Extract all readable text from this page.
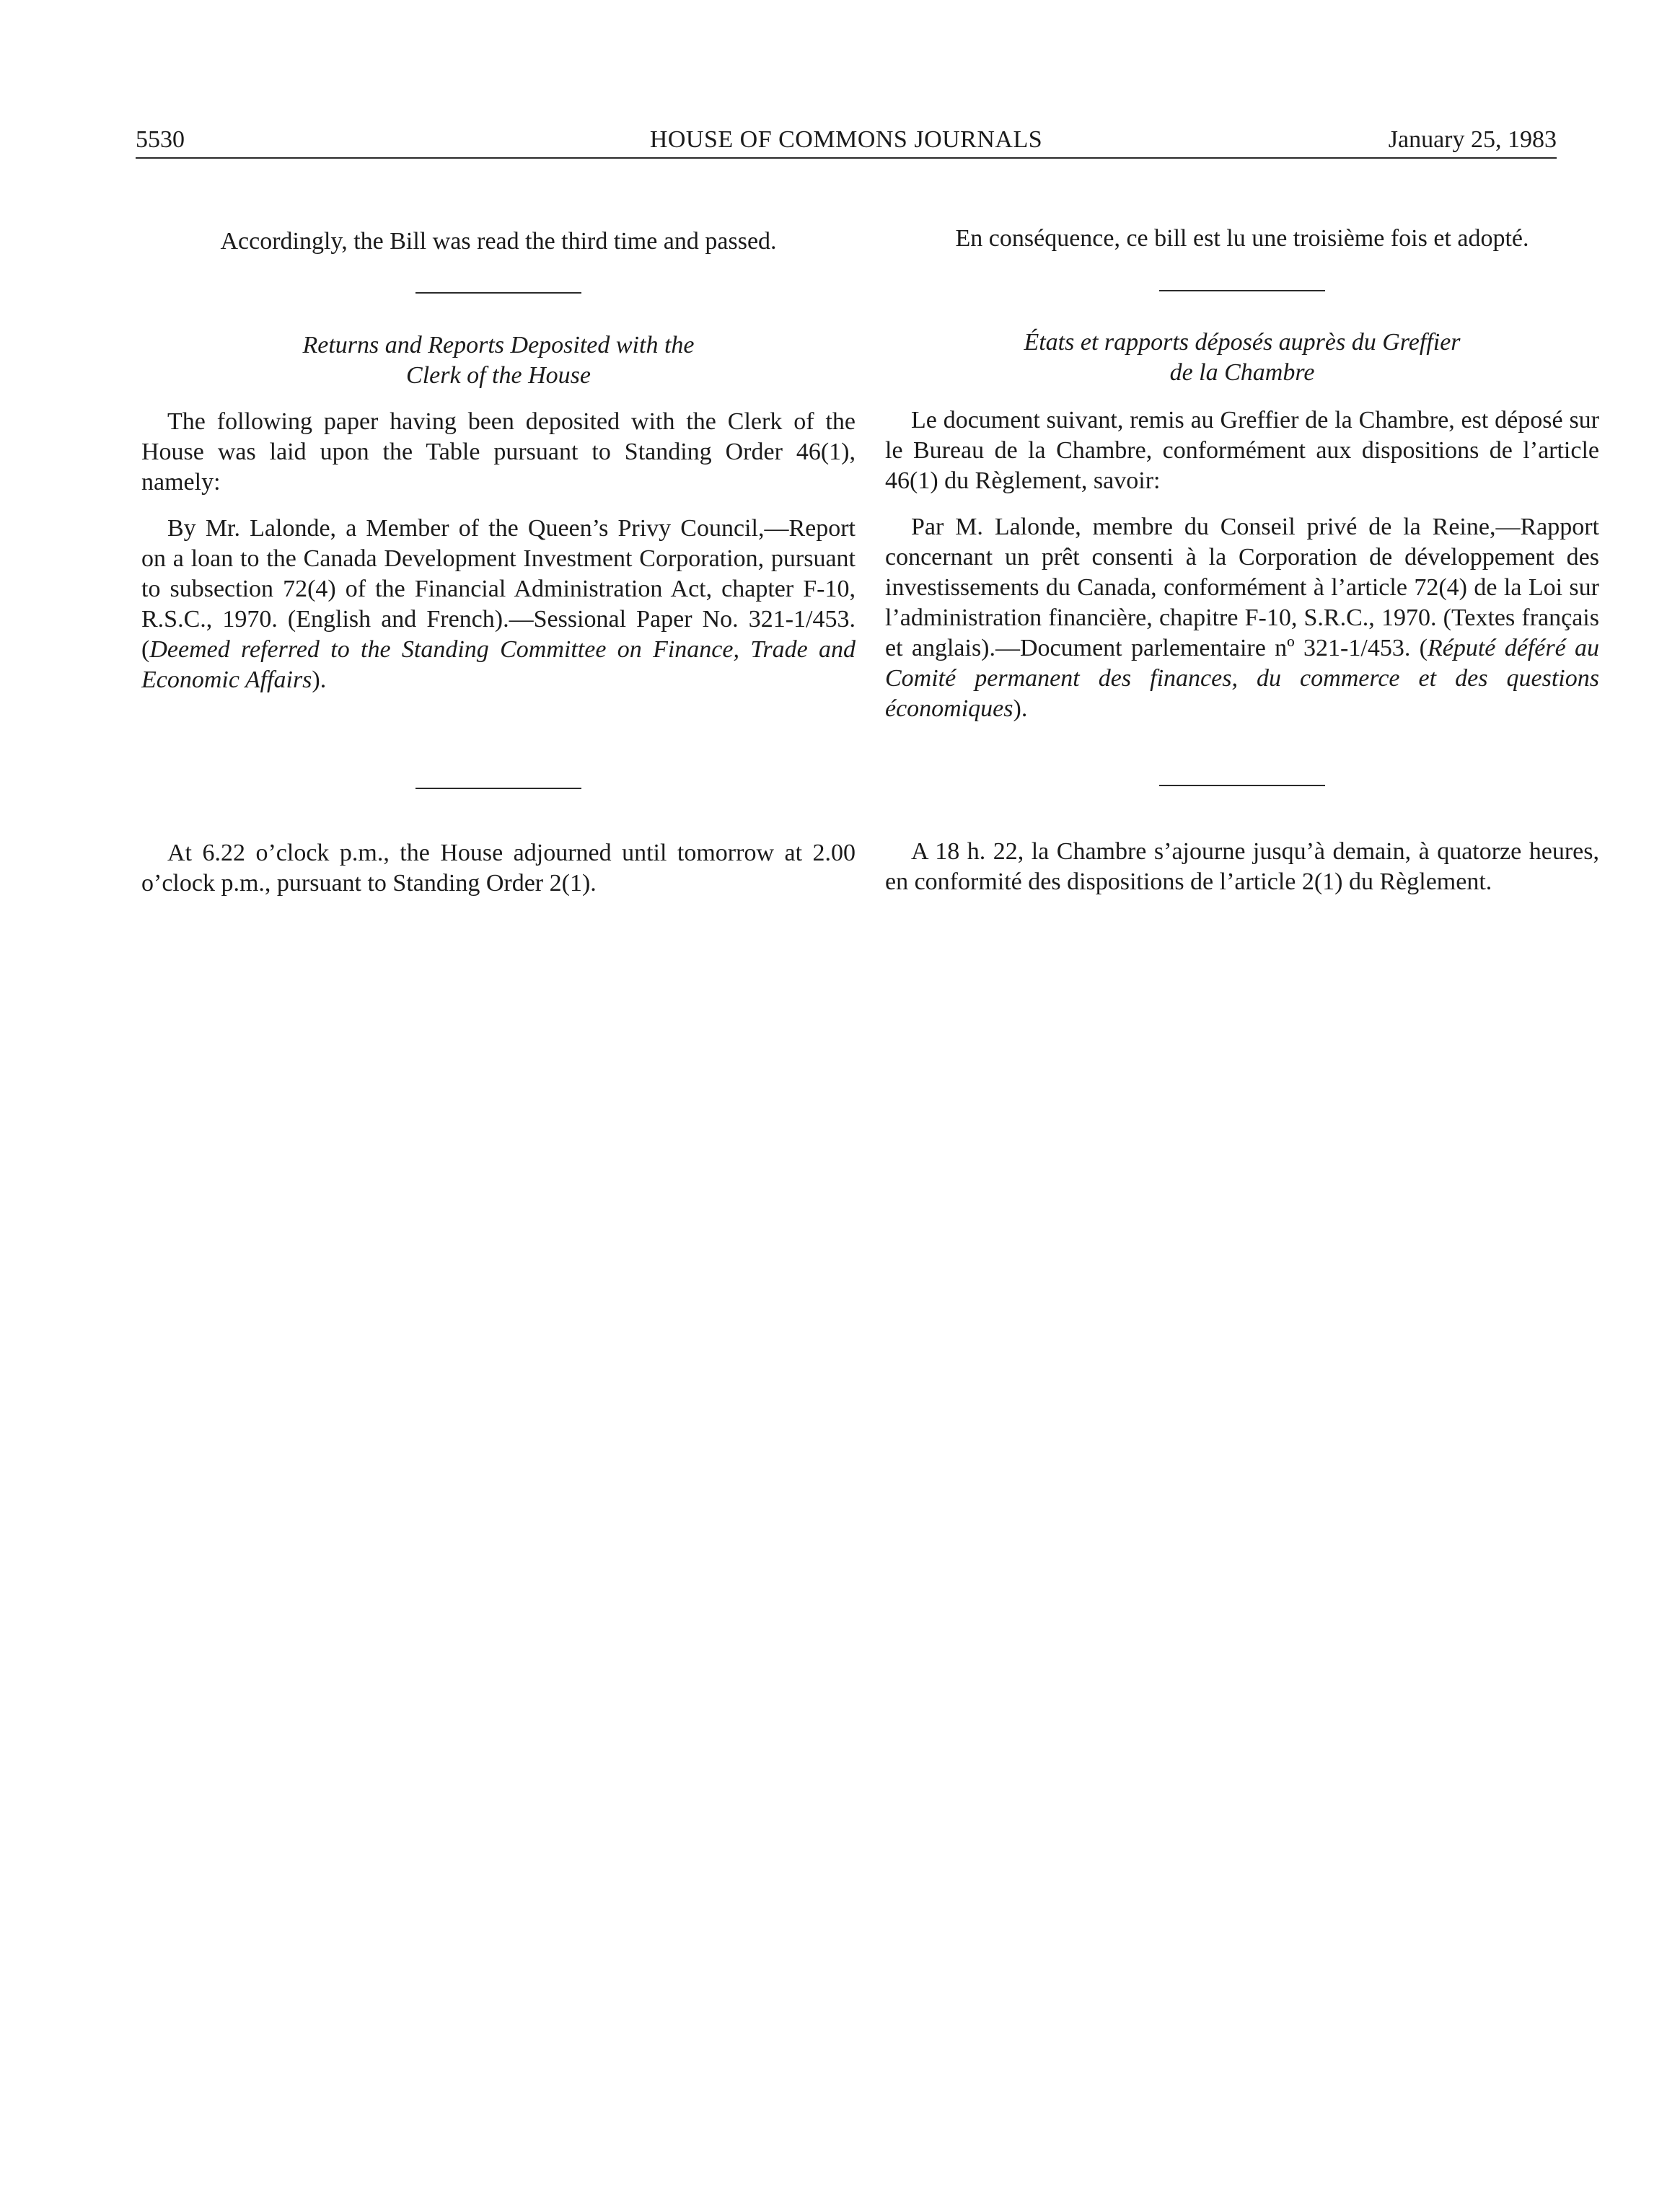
5530	HOUSE OF COMMONS JOURNALS	January 25, 1983

Accordingly, the Bill was read the third time and passed.

Returns and Reports Deposited with the

Clerk of the House

The following paper having been deposited with the Clerk of the House was laid upon the Table pursuant to Standing Order 46(1), namely:

By Mr. Lalonde, a Member of the Queen’s Privy Council,—Report on a loan to the Canada Development Investment Corporation, pursuant to subsection 72(4) of the Financial Administration Act, chapter F-10, R.S.C., 1970. (English and French).—Sessional Paper No. 321-1/453. (Deemed referred to the Standing Committee on Finance, Trade and Economic Affairs).

At 6.22 o’clock p.m., the House adjourned until tomorrow at 2.00 o’clock p.m., pursuant to Standing Order 2(1).

En conséquence, ce bill est lu une troisième fois et adopté.

États et rapports déposés auprès du Greffier

de la Chambre

Le document suivant, remis au Greffier de la Chambre, est déposé sur le Bureau de la Chambre, conformément aux dispositions de l’article 46(1) du Règlement, savoir:

Par M. Lalonde, membre du Conseil privé de la Reine,—Rapport concernant un prêt consenti à la Corporation de développement des investissements du Canada, conformément à l’article 72(4) de la Loi sur l’administration financière, chapitre F-10, S.R.C., 1970. (Textes français et anglais).—Document parlementaire nº 321-1/453. (Réputé déféré au Comité permanent des finances, du commerce et des questions économiques).

A 18 h. 22, la Chambre s’ajourne jusqu’à demain, à quatorze heures, en conformité des dispositions de l’article 2(1) du Règlement.
